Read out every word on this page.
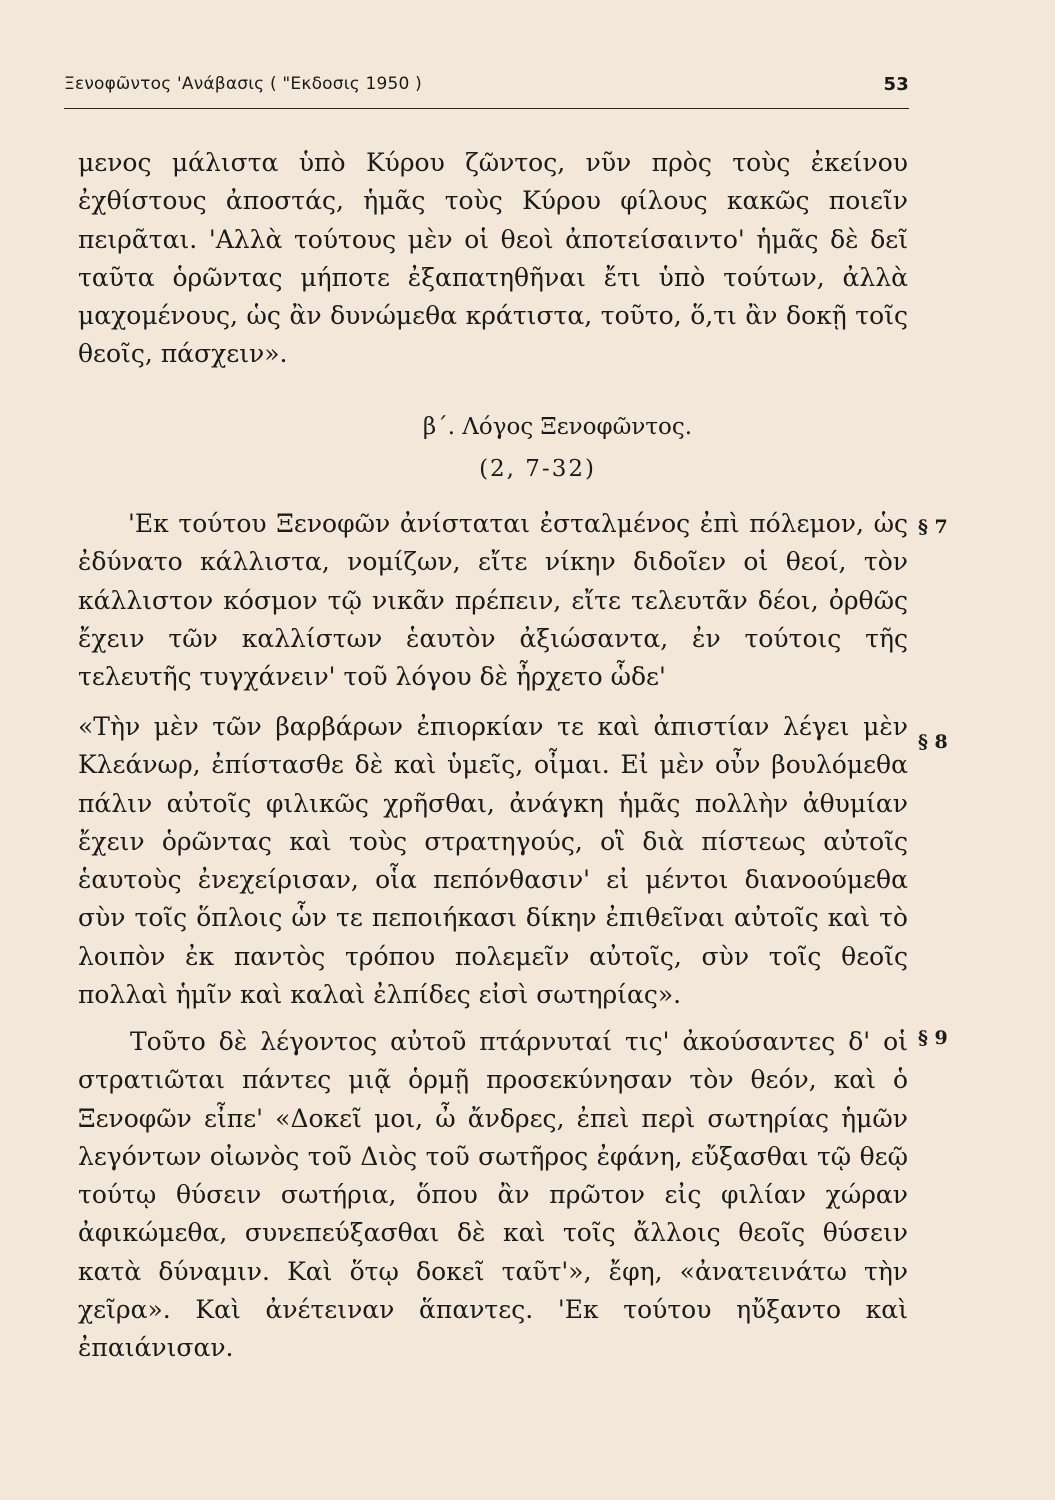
Ξενοφῶντος 'Ανάβασις ( "Εκδοσις 1950 )	53

μενος μάλιστα ὑπὸ Κύρου ζῶντος, νῦν πρὸς τοὺς ἐκείνου ἐχθίστους ἀποστάς, ἡμᾶς τοὺς Κύρου φίλους κακῶς ποιεῖν πειρᾶται. 'Αλλὰ τούτους μὲν οἱ θεοὶ ἀποτείσαιντο' ἡμᾶς δὲ δεῖ ταῦτα ὁρῶντας μήποτε ἐξαπατηθῆναι ἔτι ὑπὸ τούτων, ἀλλὰ μαχομένους, ὡς ἂν δυνώμεθα κράτιστα, τοῦτο, ὅ,τι ἂν δοκῇ τοῖς θεοῖς, πάσχειν».

β΄. Λόγος Ξενοφῶντος.
(2, 7-32)

'Εκ τούτου Ξενοφῶν ἀνίσταται ἐσταλμένος ἐπὶ πόλεμον, ὡς ἐδύνατο κάλλιστα, νομίζων, εἴτε νίκην διδοῖεν οἱ θεοί, τὸν κάλλιστον κόσμον τῷ νικᾶν πρέπειν, εἴτε τελευτᾶν δέοι, ὀρθῶς ἔχειν τῶν καλλίστων ἑαυτὸν ἀξιώσαντα, ἐν τούτοις τῆς τελευτῆς τυγχάνειν' τοῦ λόγου δὲ ἦρχετο ὧδε'

«Τὴν μὲν τῶν βαρβάρων ἐπιορκίαν τε καὶ ἀπιστίαν λέγει μὲν Κλεάνωρ, ἐπίστασθε δὲ καὶ ὑμεῖς, οἶμαι. Εἰ μὲν οὖν βουλόμεθα πάλιν αὐτοῖς φιλικῶς χρῆσθαι, ἀνάγκη ἡμᾶς πολλὴν ἀθυμίαν ἔχειν ὁρῶντας καὶ τοὺς στρατηγούς, οἳ διὰ πίστεως αὐτοῖς ἑαυτοὺς ἐνεχείρισαν, οἷα πεπόνθασιν' εἰ μέντοι διανοούμεθα σὺν τοῖς ὅπλοις ὧν τε πεποιήκασι δίκην ἐπιθεῖναι αὐτοῖς καὶ τὸ λοιπὸν ἐκ παντὸς τρόπου πολεμεῖν αὐτοῖς, σὺν τοῖς θεοῖς πολλαὶ ἡμῖν καὶ καλαὶ ἐλπίδες εἰσὶ σωτηρίας».

Τοῦτο δὲ λέγοντος αὐτοῦ πτάρνυταί τις' ἀκούσαντες δ' οἱ στρατιῶται πάντες μιᾷ ὁρμῇ προσεκύνησαν τὸν θεόν, καὶ ὁ Ξενοφῶν εἶπε' «Δοκεῖ μοι, ὦ ἄνδρες, ἐπεὶ περὶ σωτηρίας ἡμῶν λεγόντων οἰωνὸς τοῦ Διὸς τοῦ σωτῆρος ἐφάνη, εὔξασθαι τῷ θεῷ τούτῳ θύσειν σωτήρια, ὅπου ἂν πρῶτον εἰς φιλίαν χώραν ἀφικώμεθα, συνεπεύξασθαι δὲ καὶ τοῖς ἄλλοις θεοῖς θύσειν κατὰ δύναμιν. Καὶ ὅτῳ δοκεῖ ταῦτ'», ἔφη, «ἀνατεινάτω τὴν χεῖρα». Καὶ ἀνέτειναν ἅπαντες. 'Εκ τούτου ηὔξαντο καὶ ἐπαιάνισαν.

§ 7
§ 8
§ 9
